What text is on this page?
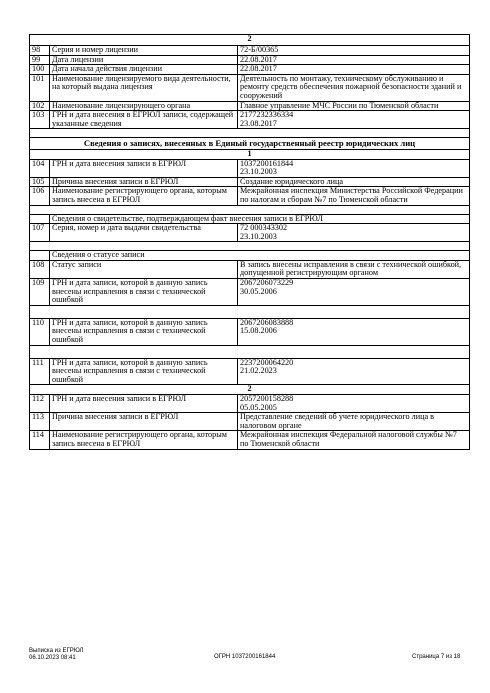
2		
98	Серия и номер лицензии	72-Б/00365
99	Дата лицензии	22.08.2017
100	Дата начала действия лицензии	22.08.2017
101	Наименование лицензируемого вида деятельности, на который выдана лицензия	Деятельность по монтажу, техническому обслуживанию и ремонту средств обеспечения пожарной безопасности зданий и сооружений
102	Наименование лицензирующего органа	Главное управление МЧС России по Тюменской области
103	ГРН и дата внесения в ЕГРЮЛ записи, содержащей указанные сведения	2177232336334
23.08.2017

Сведения о записях, внесенных в Единый государственный реестр юридических лиц		
1		
104	ГРН и дата внесения записи в ЕГРЮЛ	1037200161844
23.10.2003

105	Причина внесения записи в ЕГРЮЛ	Создание юридического лица
106	Наименование регистрирующего органа, которым запись внесена в ЕГРЮЛ	Межрайонная инспекция Министерства Российской Федерации по налогам и сборам №7 по Тюменской области

	Сведения о свидетельстве, подтверждающем факт внесения записи в ЕГРЮЛ	
107	Серия, номер и дата выдачи свидетельства	72 000343302
23.10.2003

	Сведения о статусе записи	
108	Статус записи	В запись внесены исправления в связи с технической ошибкой, допущенной регистрирующим органом
109	ГРН и дата записи, которой в данную запись внесены исправления в связи с технической ошибкой	2067206073229
30.05.2006

110	ГРН и дата записи, которой в данную запись внесены исправления в связи с технической ошибкой	2067206083888
15.08.2006

111	ГРН и дата записи, которой в данную запись внесены исправления в связи с технической ошибкой	2237200064220
21.02.2023

2		
112	ГРН и дата внесения записи в ЕГРЮЛ	2057200158288
05.05.2005

113	Причина внесения записи в ЕГРЮЛ	Представление сведений об учете юридического лица в налоговом органе
114	Наименование регистрирующего органа, которым запись внесена в ЕГРЮЛ	Межрайонная инспекция Федеральной налоговой службы №7 по Тюменской области
Выписка из ЕГРЮЛ
06.10.2023 08:41	ОГРН 1037200161844	Страница 7 из 18
